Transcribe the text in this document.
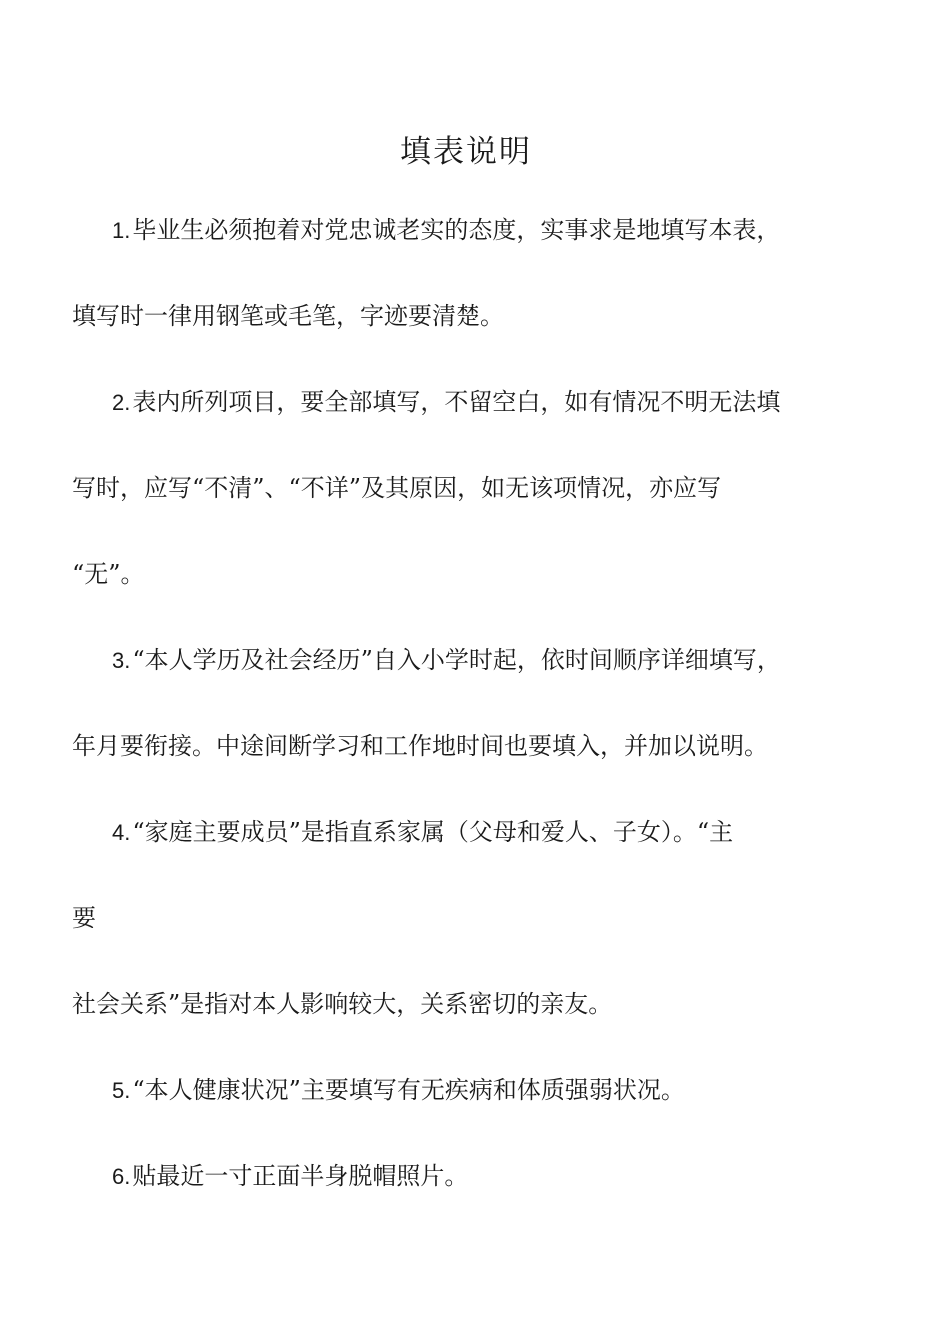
填表说明
1.毕业生必须抱着对党忠诚老实的态度，实事求是地填写本表，
填写时一律用钢笔或毛笔，字迹要清楚。
2.表内所列项目，要全部填写，不留空白，如有情况不明无法填
写时，应写“不清”、“不详”及其原因，如无该项情况，亦应写
“无”。
3.“本人学历及社会经历”自入小学时起，依时间顺序详细填写，
年月要衔接。中途间断学习和工作地时间也要填入，并加以说明。
4.“家庭主要成员”是指直系家属（父母和爱人、子女）。“主
要
社会关系”是指对本人影响较大，关系密切的亲友。
5.“本人健康状况”主要填写有无疾病和体质强弱状况。
6.贴最近一寸正面半身脱帽照片。
